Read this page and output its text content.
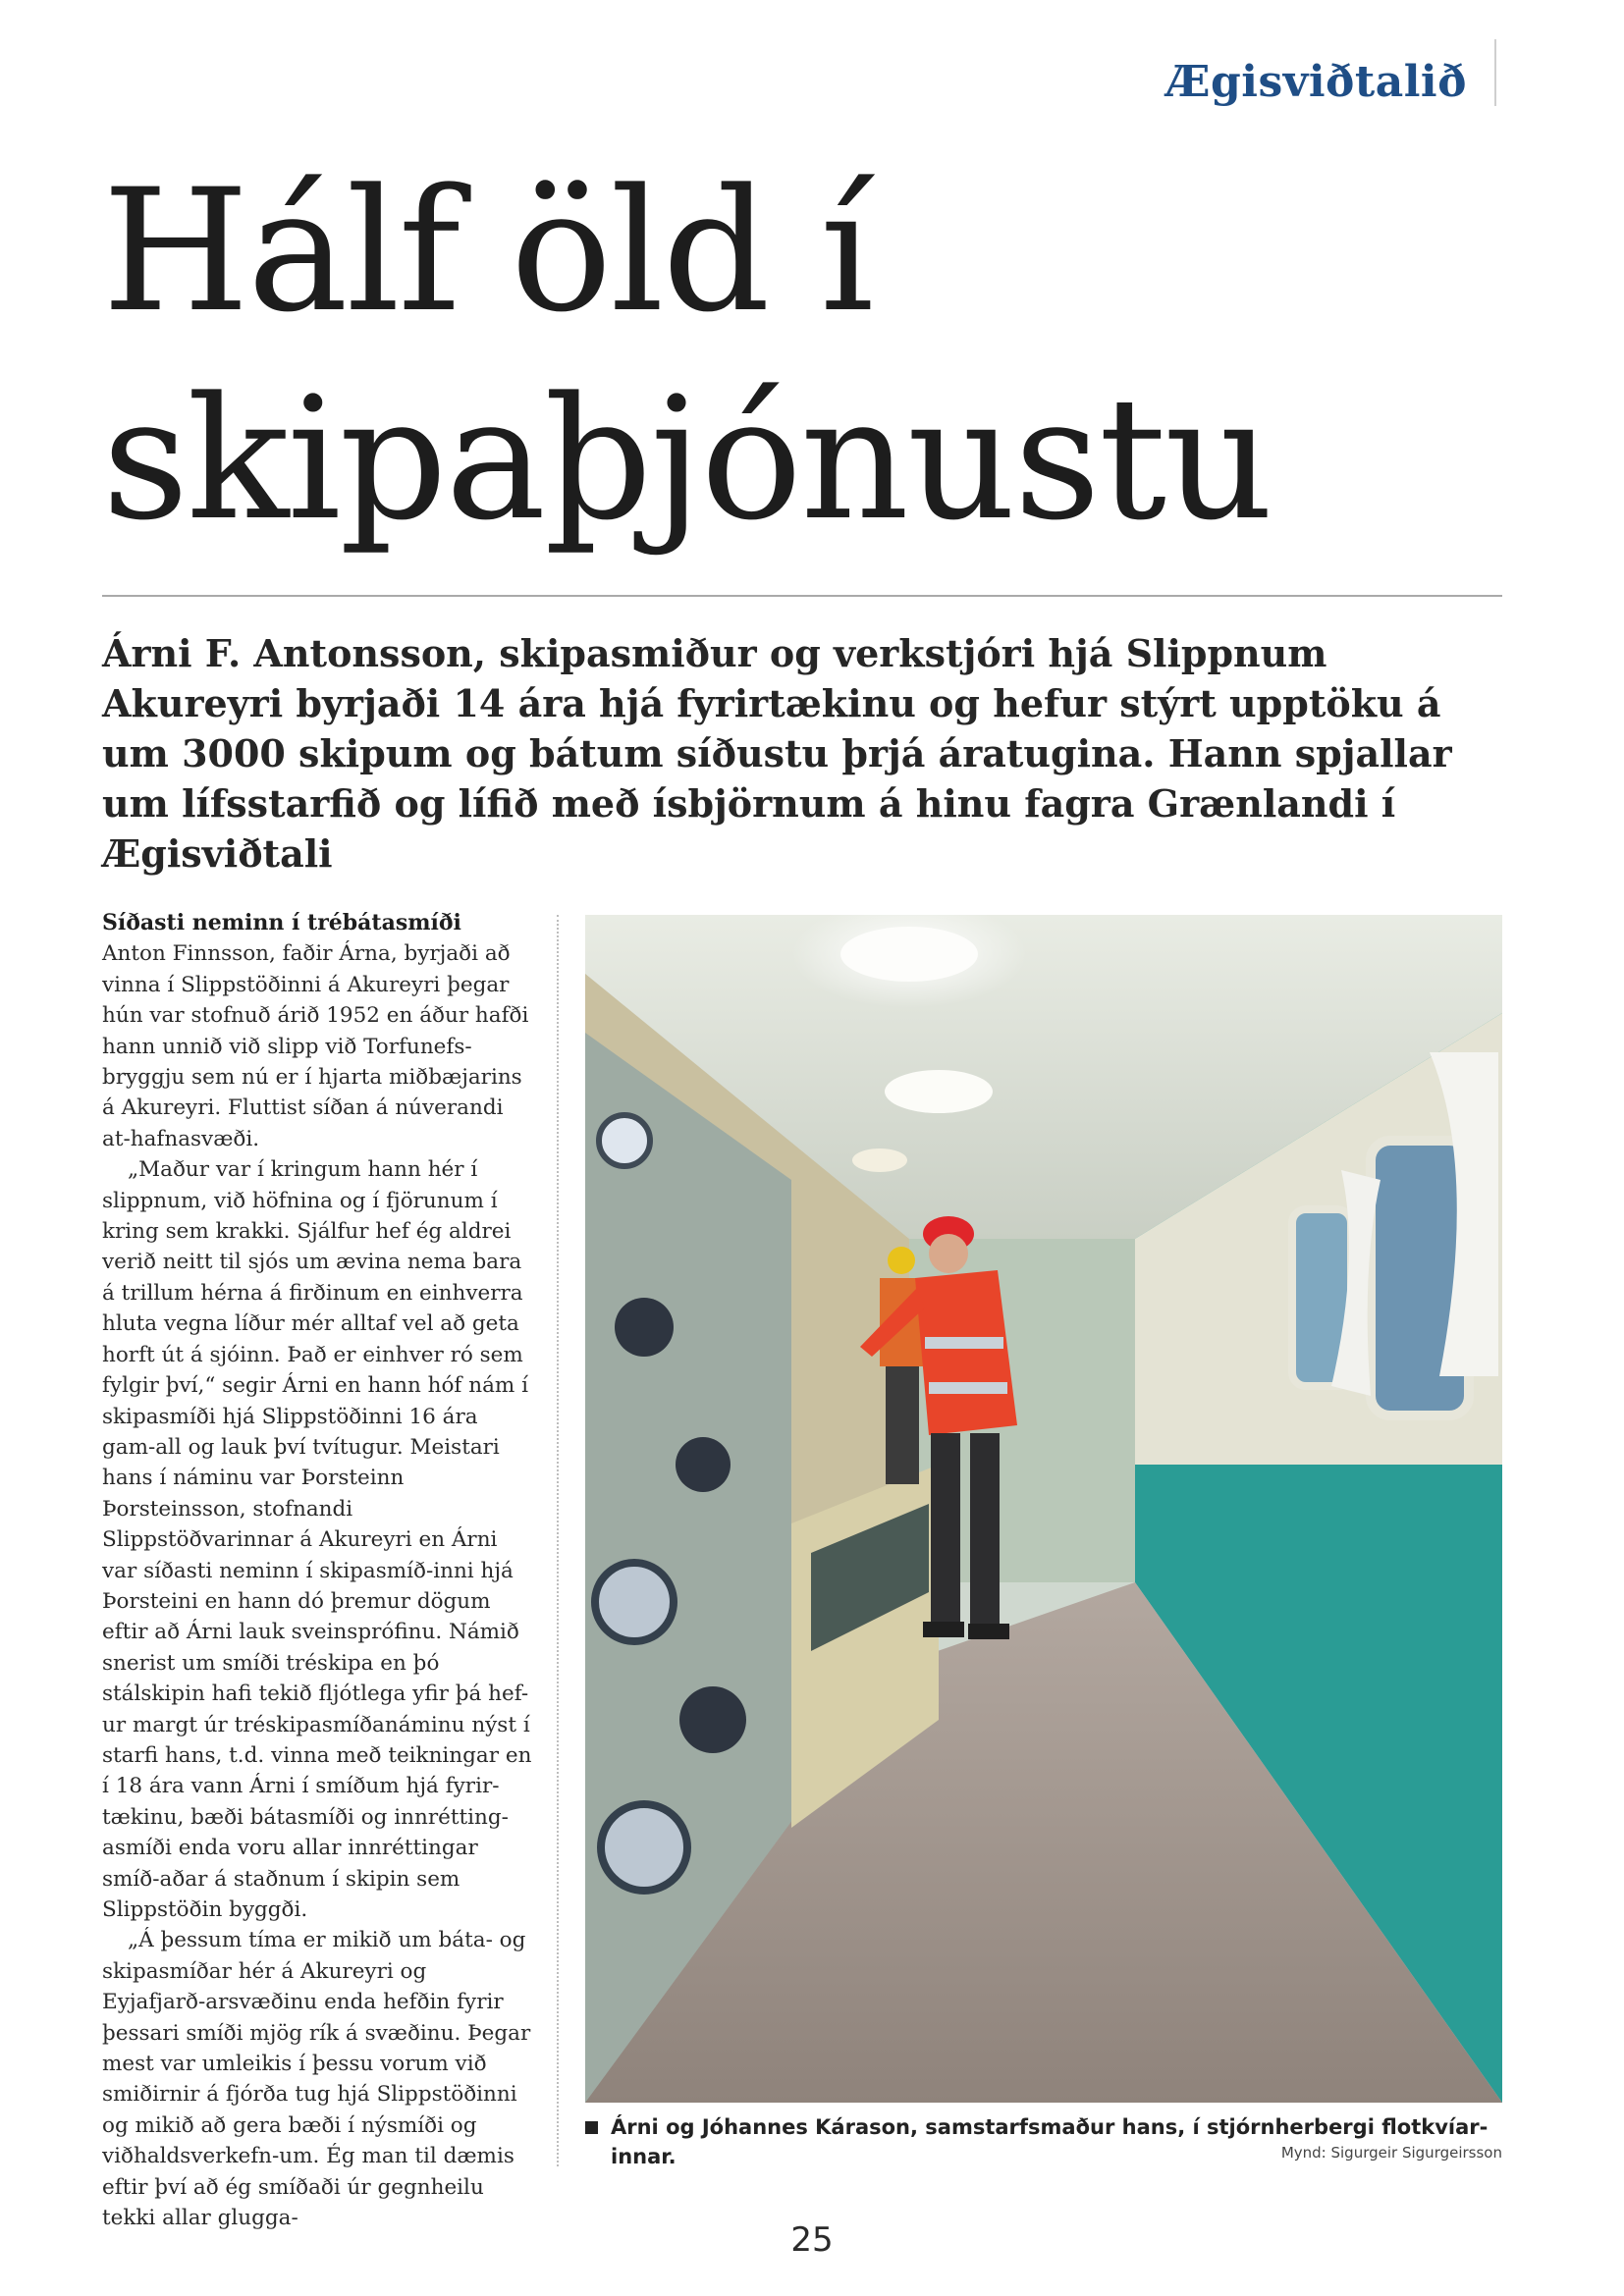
Ægisviðtalið
Hálf öld í
skipaþjónustu

Árni F. Antonsson, skipasmiður og verkstjóri hjá Slippnum Akureyri byrjaði 14 ára hjá fyrirtækinu og hefur stýrt upptöku á um 3000 skipum og bátum síðustu þrjá áratugina. Hann spjallar um lífsstarfið og lífið með ísbjörnum á hinu fagra Grænlandi í Ægisviðtali

Síðasti neminn í trébátasmíði

Anton Finnsson, faðir Árna, byrjaði að vinna í Slippstöðinni á Akureyri þegar hún var stofnuð árið 1952 en áður hafði hann unnið við slipp við Torfunefs-bryggju sem nú er í hjarta miðbæjarins á Akureyri. Fluttist síðan á núverandi at-hafnasvæði.

„Maður var í kringum hann hér í slippnum, við höfnina og í fjörunum í kring sem krakki. Sjálfur hef ég aldrei verið neitt til sjós um ævina nema bara á trillum hérna á firðinum en einhverra hluta vegna líður mér alltaf vel að geta horft út á sjóinn. Það er einhver ró sem fylgir því,“ segir Árni en hann hóf nám í skipasmíði hjá Slippstöðinni 16 ára gam-all og lauk því tvítugur. Meistari hans í náminu var Þorsteinn Þorsteinsson, stofnandi Slippstöðvarinnar á Akureyri en Árni var síðasti neminn í skipasmíð-inni hjá Þorsteini en hann dó þremur dögum eftir að Árni lauk sveinsprófinu. Námið snerist um smíði tréskipa en þó stálskipin hafi tekið fljótlega yfir þá hef-ur margt úr tréskipasmíðanáminu nýst í starfi hans, t.d. vinna með teikningar en í 18 ára vann Árni í smíðum hjá fyrir-tækinu, bæði bátasmíði og innrétting-asmíði enda voru allar innréttingar smíð-aðar á staðnum í skipin sem Slippstöðin byggði.

„Á þessum tíma er mikið um báta- og skipasmíðar hér á Akureyri og Eyjafjarð-arsvæðinu enda hefðin fyrir þessari smíði mjög rík á svæðinu. Þegar mest var umleikis í þessu vorum við smiðirnir á fjórða tug hjá Slippstöðinni og mikið að gera bæði í nýsmíði og viðhaldsverkefn-um. Ég man til dæmis eftir því að ég smíðaði úr gegnheilu tekki allar glugga-

Árni og Jóhannes Kárason, samstarfsmaður hans, í stjórnherbergi flotkvíar-innar.	Mynd: Sigurgeir Sigurgeirsson
25
